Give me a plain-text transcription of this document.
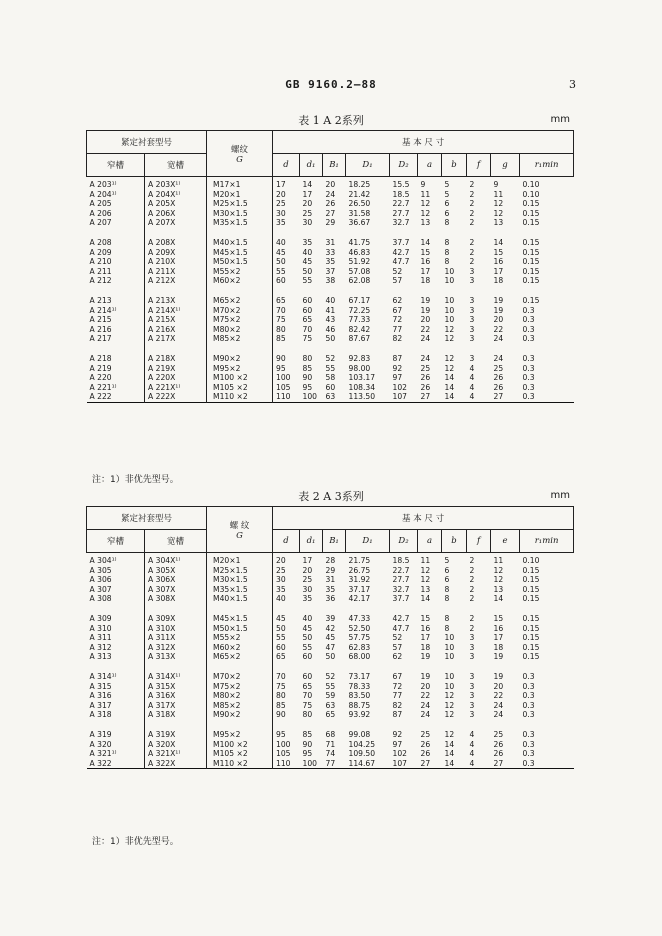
GB 9160.2—88	3
表 1 A 2系列	mm
紧定衬套型号		螺纹
G	基 本 尺 寸									
窄槽	宽槽		d	d₁	B₁	D₁	D₂	a	b	f	g	r₁min
A 203¹⁾	A 203X¹⁾	M17×1	17	14	20	18.25	15.5	9	5	2	9	0.10
A 204¹⁾	A 204X¹⁾	M20×1	20	17	24	21.42	18.5	11	5	2	11	0.10
A 205	A 205X	M25×1.5	25	20	26	26.50	22.7	12	6	2	12	0.15
A 206	A 206X	M30×1.5	30	25	27	31.58	27.7	12	6	2	12	0.15
A 207	A 207X	M35×1.5	35	30	29	36.67	32.7	13	8	2	13	0.15

A 208	A 208X	M40×1.5	40	35	31	41.75	37.7	14	8	2	14	0.15
A 209	A 209X	M45×1.5	45	40	33	46.83	42.7	15	8	2	15	0.15
A 210	A 210X	M50×1.5	50	45	35	51.92	47.7	16	8	2	16	0.15
A 211	A 211X	M55×2	55	50	37	57.08	52	17	10	3	17	0.15
A 212	A 212X	M60×2	60	55	38	62.08	57	18	10	3	18	0.15

A 213	A 213X	M65×2	65	60	40	67.17	62	19	10	3	19	0.15
A 214¹⁾	A 214X¹⁾	M70×2	70	60	41	72.25	67	19	10	3	19	0.3
A 215	A 215X	M75×2	75	65	43	77.33	72	20	10	3	20	0.3
A 216	A 216X	M80×2	80	70	46	82.42	77	22	12	3	22	0.3
A 217	A 217X	M85×2	85	75	50	87.67	82	24	12	3	24	0.3

A 218	A 218X	M90×2	90	80	52	92.83	87	24	12	3	24	0.3
A 219	A 219X	M95×2	95	85	55	98.00	92	25	12	4	25	0.3
A 220	A 220X	M100 ×2	100	90	58	103.17	97	26	14	4	26	0.3
A 221¹⁾	A 221X¹⁾	M105 ×2	105	95	60	108.34	102	26	14	4	26	0.3
A 222	A 222X	M110 ×2	110	100	63	113.50	107	27	14	4	27	0.3
注：1）非优先型号。
表 2 A 3系列	mm
紧定衬套型号		螺 纹
G	基 本 尺 寸									
窄槽	宽槽		d	d₁	B₁	D₁	D₂	a	b	f	e	r₁min
A 304¹⁾	A 304X¹⁾	M20×1	20	17	28	21.75	18.5	11	5	2	11	0.10
A 305	A 305X	M25×1.5	25	20	29	26.75	22.7	12	6	2	12	0.15
A 306	A 306X	M30×1.5	30	25	31	31.92	27.7	12	6	2	12	0.15
A 307	A 307X	M35×1.5	35	30	35	37.17	32.7	13	8	2	13	0.15
A 308	A 308X	M40×1.5	40	35	36	42.17	37.7	14	8	2	14	0.15

A 309	A 309X	M45×1.5	45	40	39	47.33	42.7	15	8	2	15	0.15
A 310	A 310X	M50×1.5	50	45	42	52.50	47.7	16	8	2	16	0.15
A 311	A 311X	M55×2	55	50	45	57.75	52	17	10	3	17	0.15
A 312	A 312X	M60×2	60	55	47	62.83	57	18	10	3	18	0.15
A 313	A 313X	M65×2	65	60	50	68.00	62	19	10	3	19	0.15

A 314¹⁾	A 314X¹⁾	M70×2	70	60	52	73.17	67	19	10	3	19	0.3
A 315	A 315X	M75×2	75	65	55	78.33	72	20	10	3	20	0.3
A 316	A 316X	M80×2	80	70	59	83.50	77	22	12	3	22	0.3
A 317	A 317X	M85×2	85	75	63	88.75	82	24	12	3	24	0.3
A 318	A 318X	M90×2	90	80	65	93.92	87	24	12	3	24	0.3

A 319	A 319X	M95×2	95	85	68	99.08	92	25	12	4	25	0.3
A 320	A 320X	M100 ×2	100	90	71	104.25	97	26	14	4	26	0.3
A 321¹⁾	A 321X¹⁾	M105 ×2	105	95	74	109.50	102	26	14	4	26	0.3
A 322	A 322X	M110 ×2	110	100	77	114.67	107	27	14	4	27	0.3
注：1）非优先型号。
